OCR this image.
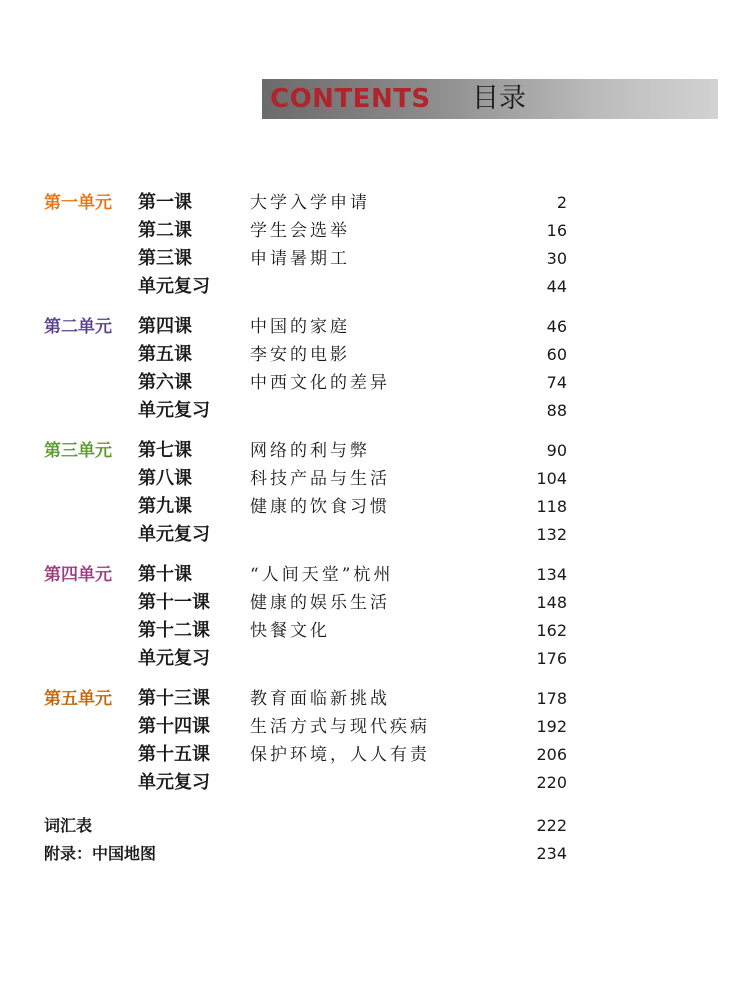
CONTENTS 目录
第一单元 第一课	大学入学申请	2
第二课	学生会选举	16
第三课	申请暑期工	30
单元复习	44
第二单元 第四课	中国的家庭	46
第五课	李安的电影	60
第六课	中西文化的差异	74
单元复习	88
第三单元 第七课	网络的利与弊	90
第八课	科技产品与生活	104
第九课	健康的饮食习惯	118
单元复习	132
第四单元 第十课	“人间天堂”杭州	134
第十一课 健康的娱乐生活	148
第十二课 快餐文化	162
单元复习	176
第五单元 第十三课 教育面临新挑战	178
第十四课 生活方式与现代疾病	192
第十五课 保护环境，人人有责	206
单元复习	220
词汇表	222
附录：中国地图	234
